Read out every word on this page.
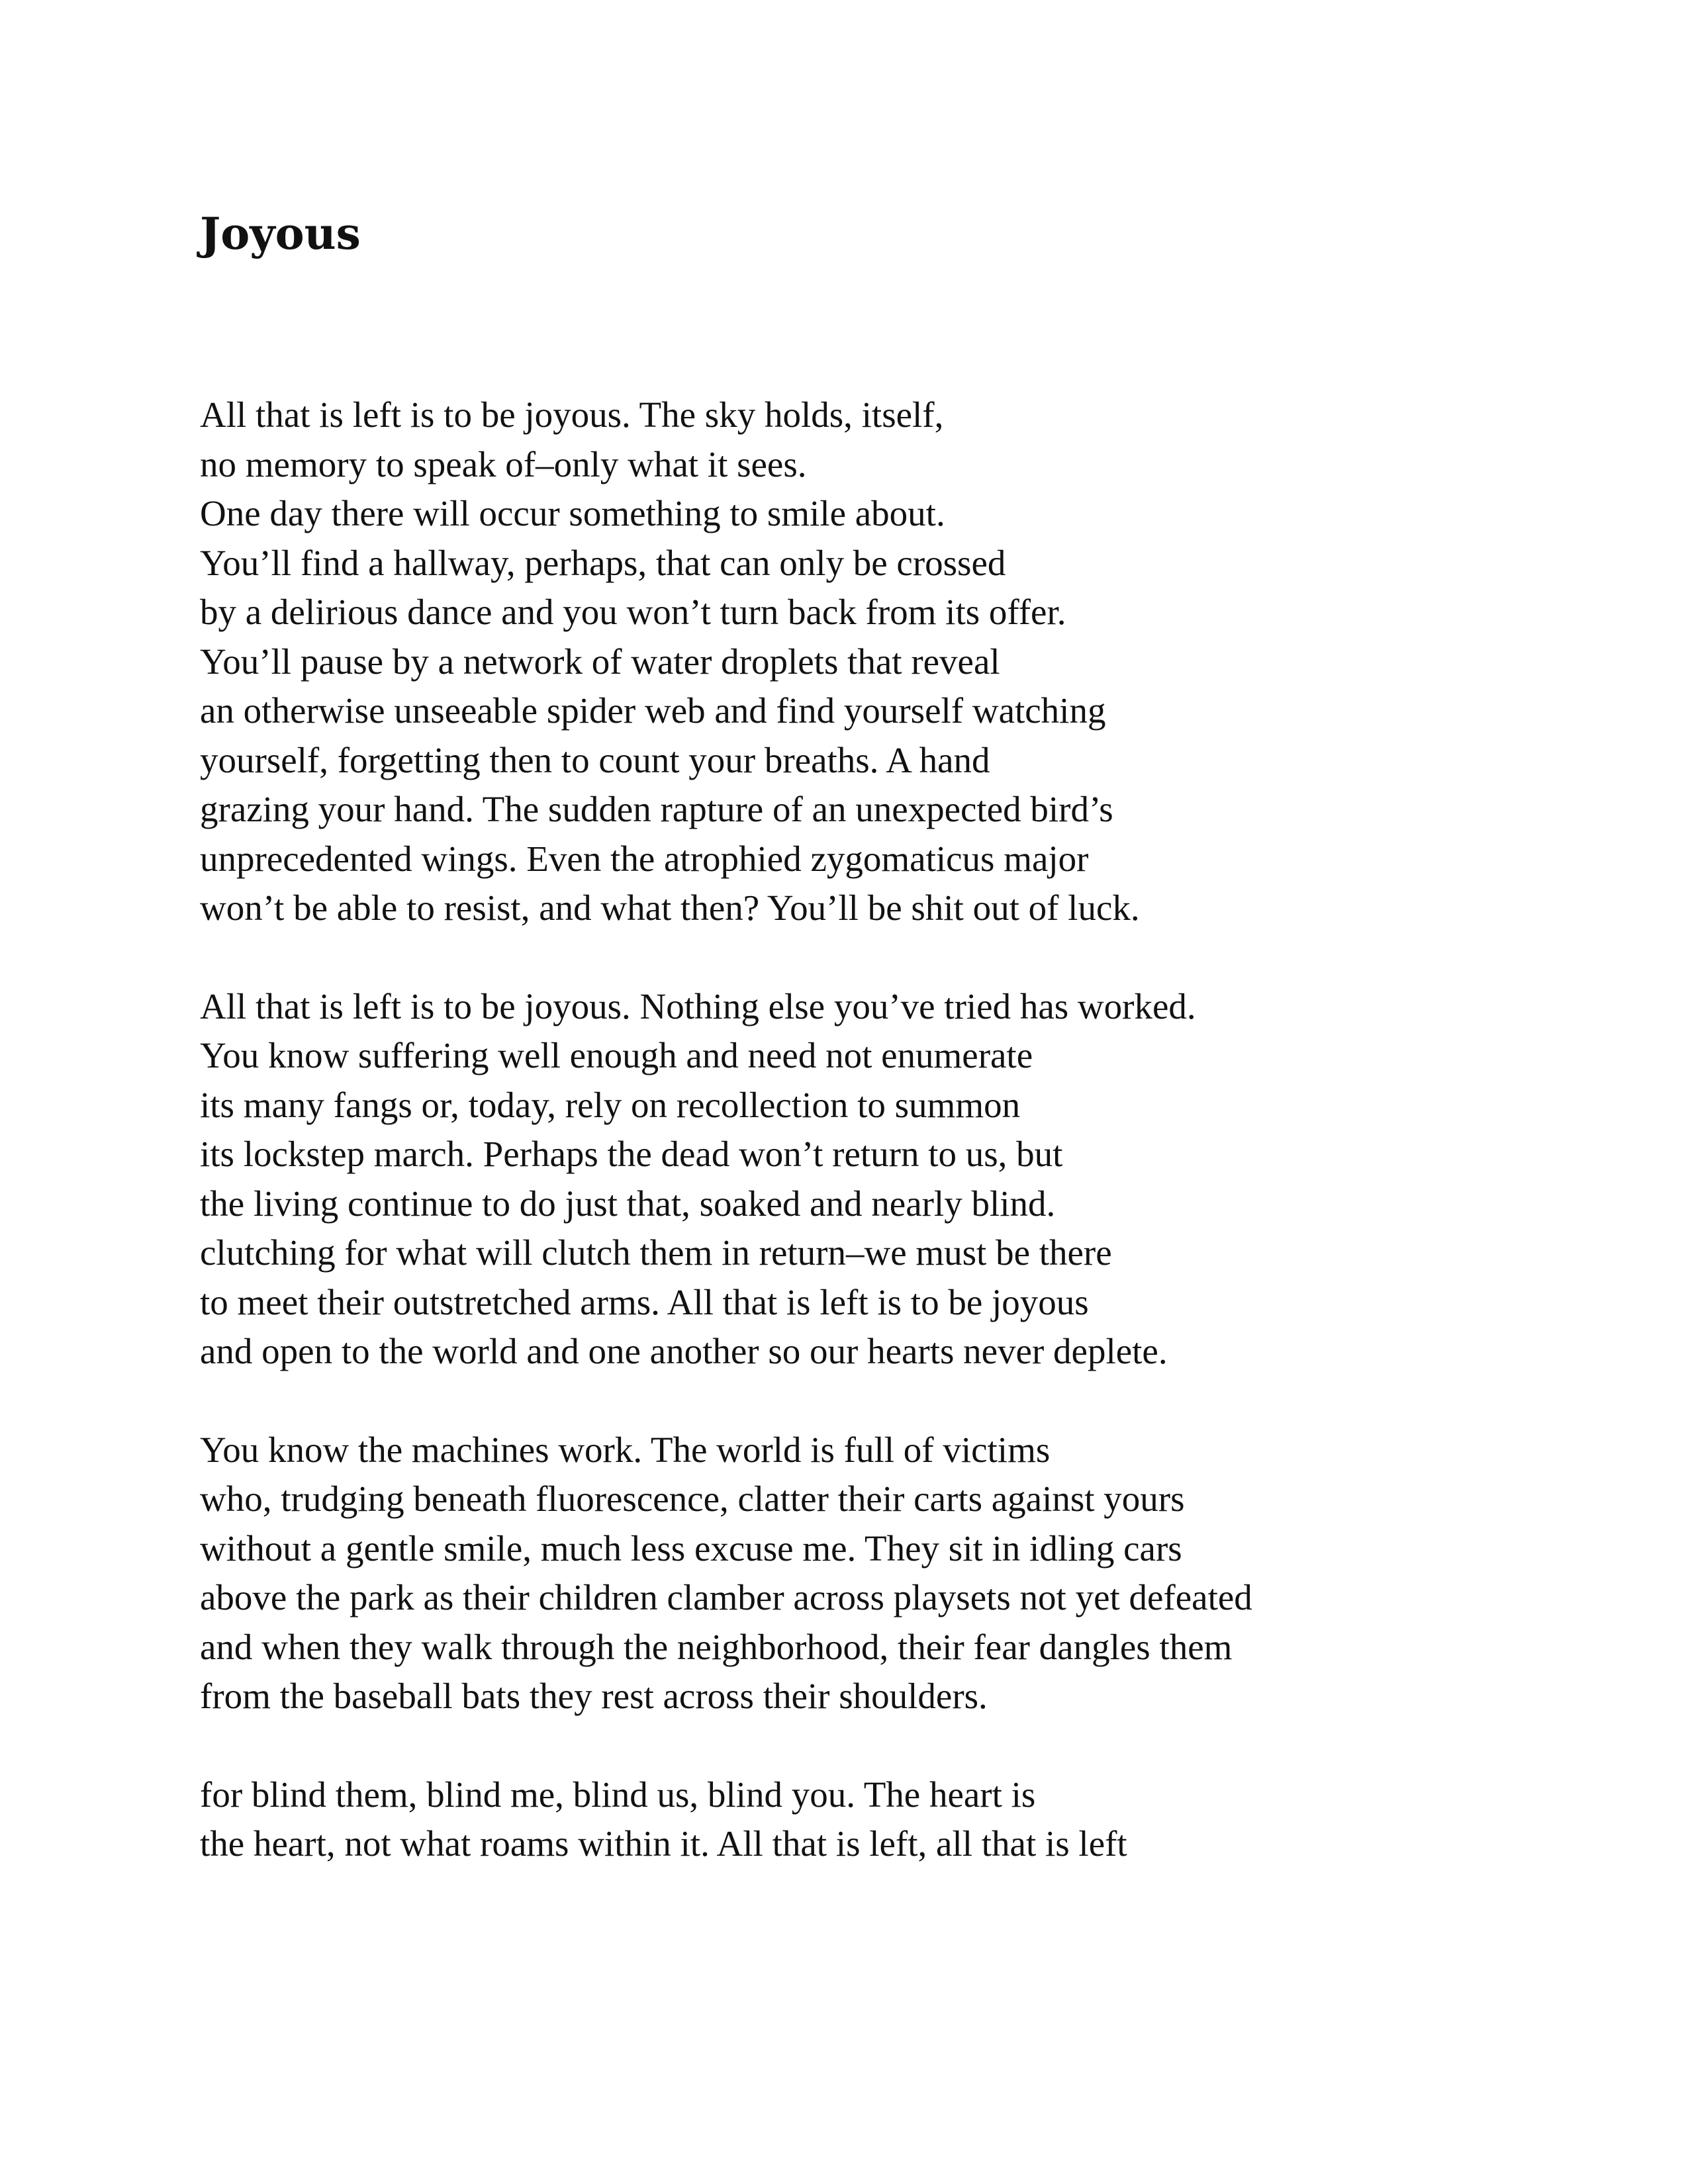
Joyous
All that is left is to be joyous. The sky holds, itself,
no memory to speak of–only what it sees.
One day there will occur something to smile about.
You’ll find a hallway, perhaps, that can only be crossed
by a delirious dance and you won’t turn back from its offer.
You’ll pause by a network of water droplets that reveal
an otherwise unseeable spider web and find yourself watching
yourself, forgetting then to count your breaths. A hand
grazing your hand. The sudden rapture of an unexpected bird’s
unprecedented wings. Even the atrophied zygomaticus major
won’t be able to resist, and what then? You’ll be shit out of luck.
All that is left is to be joyous. Nothing else you’ve tried has worked.
You know suffering well enough and need not enumerate
its many fangs or, today, rely on recollection to summon
its lockstep march. Perhaps the dead won’t return to us, but
the living continue to do just that, soaked and nearly blind.
clutching for what will clutch them in return–we must be there
to meet their outstretched arms. All that is left is to be joyous
and open to the world and one another so our hearts never deplete.
You know the machines work. The world is full of victims
who, trudging beneath fluorescence, clatter their carts against yours
without a gentle smile, much less excuse me. They sit in idling cars
above the park as their children clamber across playsets not yet defeated
and when they walk through the neighborhood, their fear dangles them
from the baseball bats they rest across their shoulders.
for blind them, blind me, blind us, blind you. The heart is
the heart, not what roams within it. All that is left, all that is left
